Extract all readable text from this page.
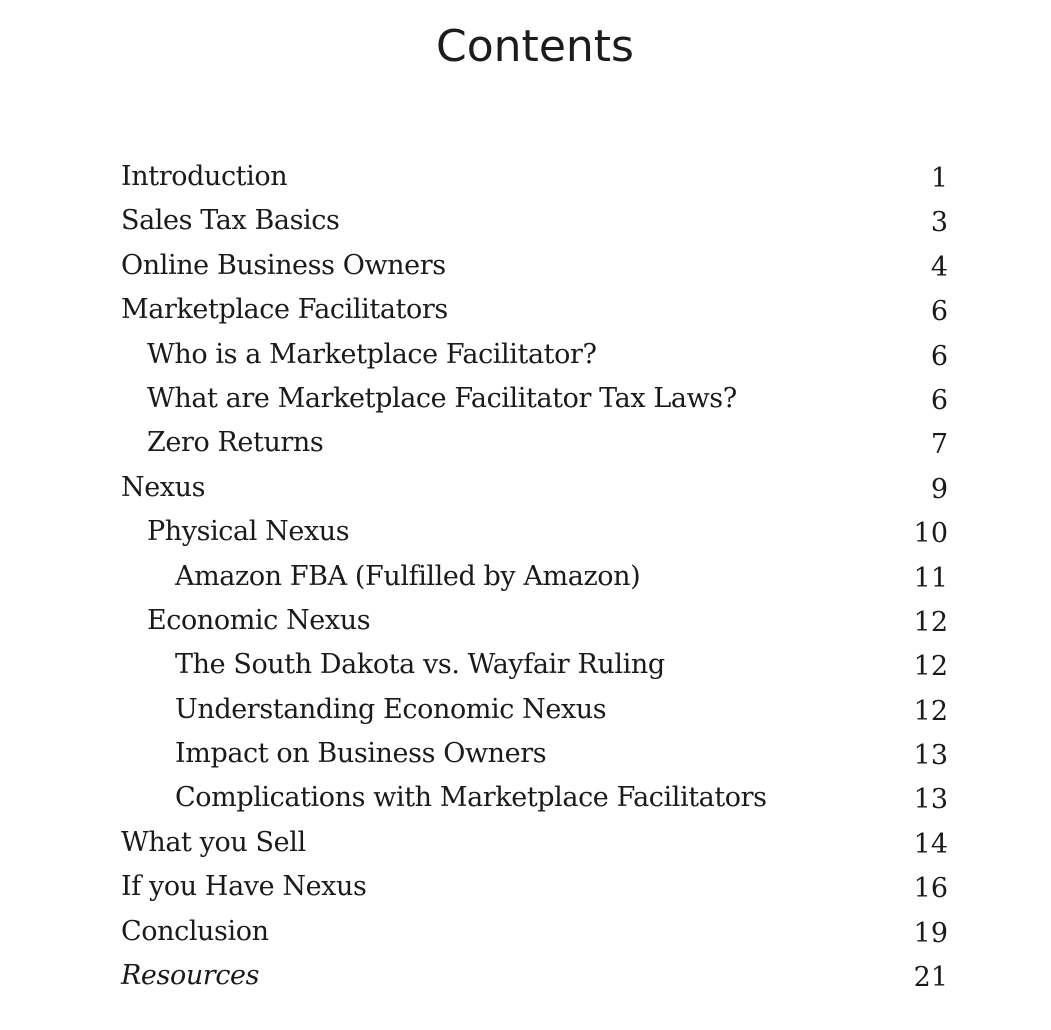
Contents
Introduction	1
Sales Tax Basics	3
Online Business Owners	4
Marketplace Facilitators	6
Who is a Marketplace Facilitator?	6
What are Marketplace Facilitator Tax Laws?	6
Zero Returns	7
Nexus	9
Physical Nexus	10
Amazon FBA (Fulfilled by Amazon)	11
Economic Nexus	12
The South Dakota vs. Wayfair Ruling	12
Understanding Economic Nexus	12
Impact on Business Owners	13
Complications with Marketplace Facilitators	13
What you Sell	14
If you Have Nexus	16
Conclusion	19
Resources	21
